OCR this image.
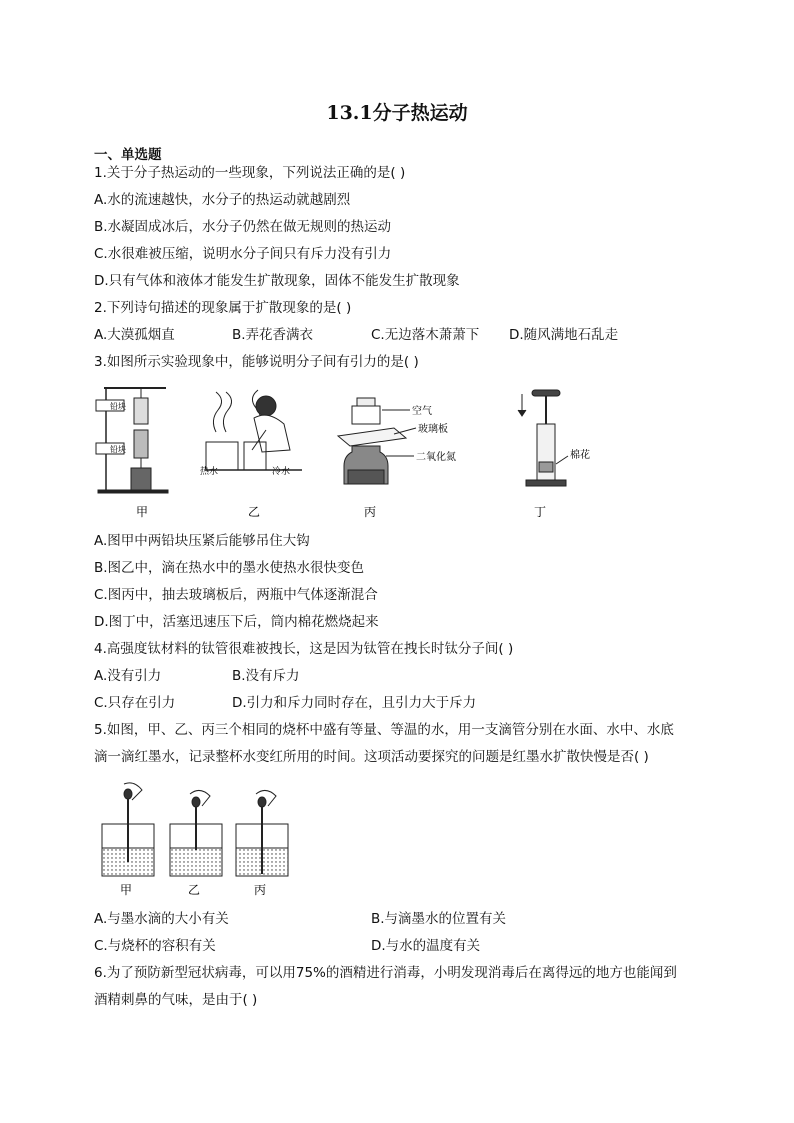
13.1分子热运动
一、单选题
1.关于分子热运动的一些现象，下列说法正确的是( )
A.水的流速越快，水分子的热运动就越剧烈
B.水凝固成冰后，水分子仍然在做无规则的热运动
C.水很难被压缩，说明水分子间只有斥力没有引力
D.只有气体和液体才能发生扩散现象，固体不能发生扩散现象
2.下列诗句描述的现象属于扩散现象的是( )
A.大漠孤烟直	B.弄花香满衣	C.无边落木萧萧下 D.随风满地石乱走
3.如图所示实验现象中，能够说明分子间有引力的是( )
铅块
铅块
热水	冷水
空气
玻璃板
二氧化氮	棉花
甲	乙	丙	丁
A.图甲中两铅块压紧后能够吊住大钩
B.图乙中，滴在热水中的墨水使热水很快变色
C.图丙中，抽去玻璃板后，两瓶中气体逐渐混合
D.图丁中，活塞迅速压下后，筒内棉花燃烧起来
4.高强度钛材料的钛管很难被拽长，这是因为钛管在拽长时钛分子间( )
A.没有引力	B.没有斥力
C.只存在引力	D.引力和斥力同时存在，且引力大于斥力
5.如图，甲、乙、丙三个相同的烧杯中盛有等量、等温的水，用一支滴管分别在水面、水中、水底
滴一滴红墨水，记录整杯水变红所用的时间。这项活动要探究的问题是红墨水扩散快慢是否( )
甲	乙	丙
A.与墨水滴的大小有关	B.与滴墨水的位置有关
C.与烧杯的容积有关	D.与水的温度有关
6.为了预防新型冠状病毒，可以用75%的酒精进行消毒，小明发现消毒后在离得远的地方也能闻到
酒精刺鼻的气味，是由于( )
